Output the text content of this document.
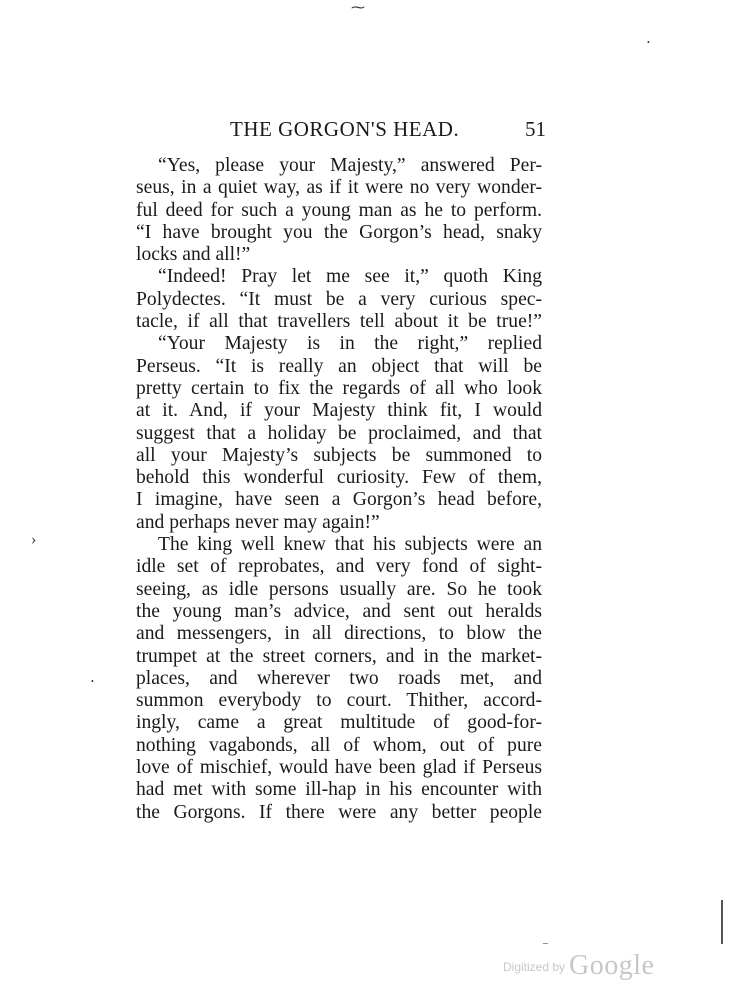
THE GORGON'S HEAD.	51
“Yes, please your Majesty,” answered Per-
seus, in a quiet way, as if it were no very wonder-
ful deed for such a young man as he to perform.
“I have brought you the Gorgon’s head, snaky
locks and all!”
“Indeed! Pray let me see it,” quoth King
Polydectes. “It must be a very curious spec-
tacle, if all that travellers tell about it be true!”
“Your Majesty is in the right,” replied
Perseus. “It is really an object that will be
pretty certain to fix the regards of all who look
at it. And, if your Majesty think fit, I would
suggest that a holiday be proclaimed, and that
all your Majesty’s subjects be summoned to
behold this wonderful curiosity. Few of them,
I imagine, have seen a Gorgon’s head before,
and perhaps never may again!”
The king well knew that his subjects were an
idle set of reprobates, and very fond of sight-
seeing, as idle persons usually are. So he took
the young man’s advice, and sent out heralds
and messengers, in all directions, to blow the
trumpet at the street corners, and in the market-
places, and wherever two roads met, and
summon everybody to court. Thither, accord-
ingly, came a great multitude of good-for-
nothing vagabonds, all of whom, out of pure
love of mischief, would have been glad if Perseus
had met with some ill-hap in his encounter with
the Gorgons. If there were any better people
⁓
•
›
•
–
Digitized by Google
